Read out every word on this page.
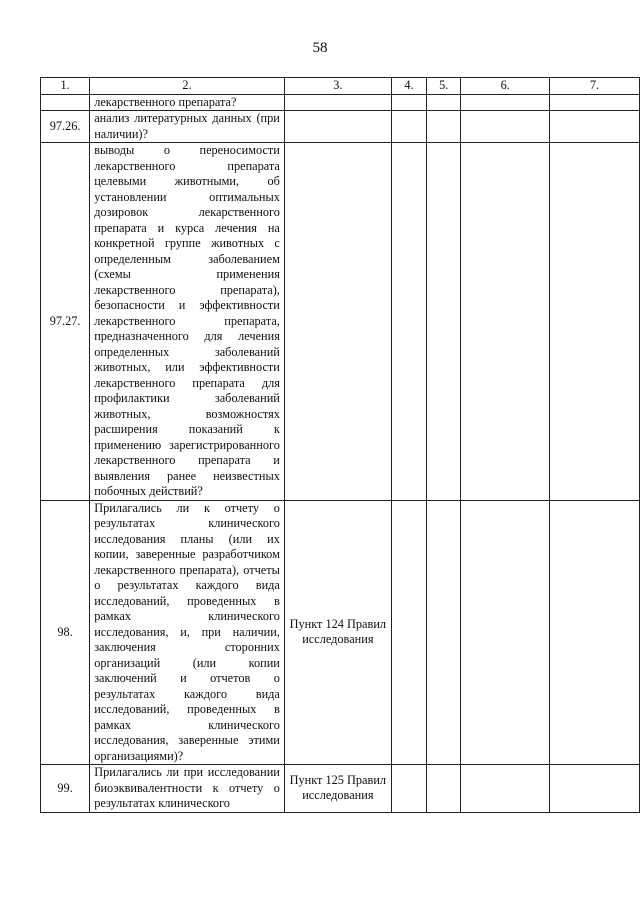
58
1.	2.	3.	4.	5.	6.	7.
	лекарственного препарата?					
97.26.	анализ литературных данных (при наличии)?					
97.27.	выводы о переносимости лекарственного препарата целевыми животными, об установлении оптимальных дозировок лекарственного препарата и курса лечения на конкретной группе животных с определенным заболеванием (схемы применения лекарственного препарата), безопасности и эффективности лекарственного препарата, предназначенного для лечения определенных заболеваний животных, или эффективности лекарственного препарата для профилактики заболеваний животных, возможностях расширения показаний к применению зарегистрированного лекарственного препарата и выявления ранее неизвестных побочных действий?					
98.	Прилагались ли к отчету о результатах клинического исследования планы (или их копии, заверенные разработчиком лекарственного препарата), отчеты о результатах каждого вида исследований, проведенных в рамках клинического исследования, и, при наличии, заключения сторонних организаций (или копии заключений и отчетов о результатах каждого вида исследований, проведенных в рамках клинического исследования, заверенные этими организациями)?	Пункт 124 Правил исследования				
99.	Прилагались ли при исследовании биоэквивалентности к отчету о результатах клинического	Пункт 125 Правил исследования				
